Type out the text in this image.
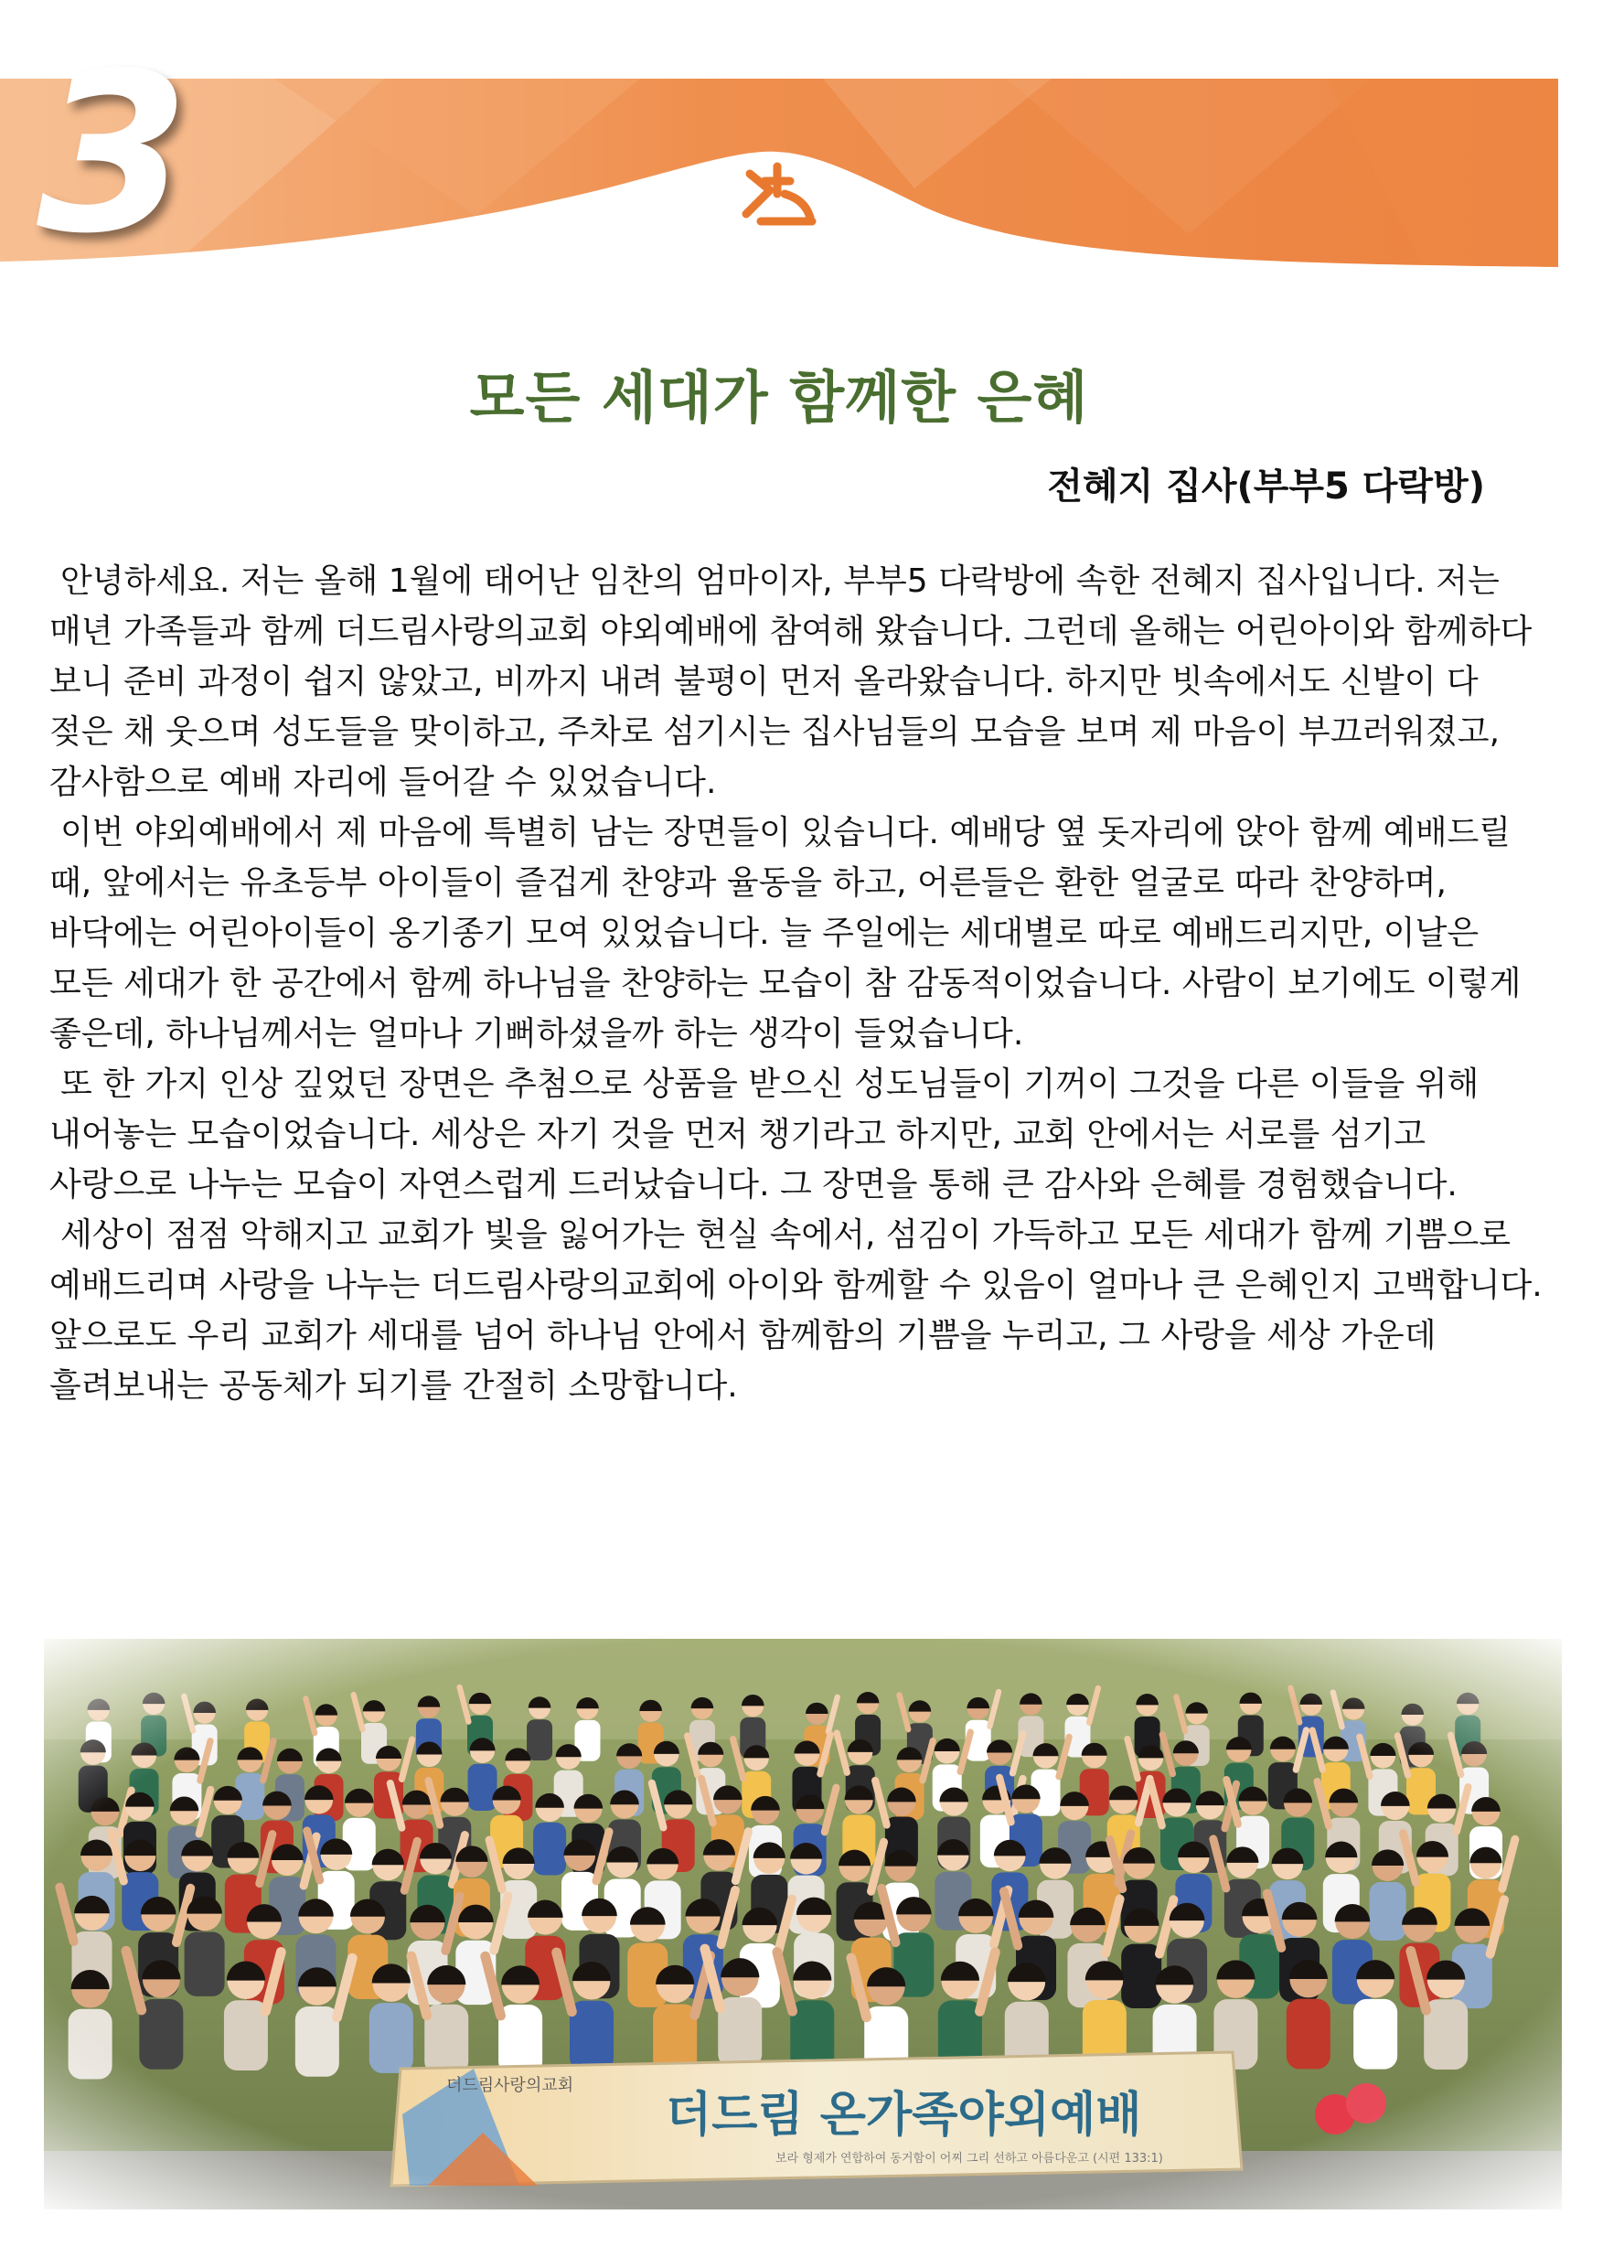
3
모든 세대가 함께한 은혜
전혜지 집사(부부5 다락방)

안녕하세요. 저는 올해 1월에 태어난 임찬의 엄마이자, 부부5 다락방에 속한 전혜지 집사입니다. 저는 매년 가족들과 함께 더드림사랑의교회 야외예배에 참여해 왔습니다. 그런데 올해는 어린아이와 함께하다 보니 준비 과정이 쉽지 않았고, 비까지 내려 불평이 먼저 올라왔습니다. 하지만 빗속에서도 신발이 다 젖은 채 웃으며 성도들을 맞이하고, 주차로 섬기시는 집사님들의 모습을 보며 제 마음이 부끄러워졌고, 감사함으로 예배 자리에 들어갈 수 있었습니다.

이번 야외예배에서 제 마음에 특별히 남는 장면들이 있습니다. 예배당 옆 돗자리에 앉아 함께 예배드릴 때, 앞에서는 유초등부 아이들이 즐겁게 찬양과 율동을 하고, 어른들은 환한 얼굴로 따라 찬양하며, 바닥에는 어린아이들이 옹기종기 모여 있었습니다. 늘 주일에는 세대별로 따로 예배드리지만, 이날은 모든 세대가 한 공간에서 함께 하나님을 찬양하는 모습이 참 감동적이었습니다. 사람이 보기에도 이렇게 좋은데, 하나님께서는 얼마나 기뻐하셨을까 하는 생각이 들었습니다.

또 한 가지 인상 깊었던 장면은 추첨으로 상품을 받으신 성도님들이 기꺼이 그것을 다른 이들을 위해 내어놓는 모습이었습니다. 세상은 자기 것을 먼저 챙기라고 하지만, 교회 안에서는 서로를 섬기고 사랑으로 나누는 모습이 자연스럽게 드러났습니다. 그 장면을 통해 큰 감사와 은혜를 경험했습니다.

세상이 점점 악해지고 교회가 빛을 잃어가는 현실 속에서, 섬김이 가득하고 모든 세대가 함께 기쁨으로 예배드리며 사랑을 나누는 더드림사랑의교회에 아이와 함께할 수 있음이 얼마나 큰 은혜인지 고백합니다. 앞으로도 우리 교회가 세대를 넘어 하나님 안에서 함께함의 기쁨을 누리고, 그 사랑을 세상 가운데 흘려보내는 공동체가 되기를 간절히 소망합니다.
